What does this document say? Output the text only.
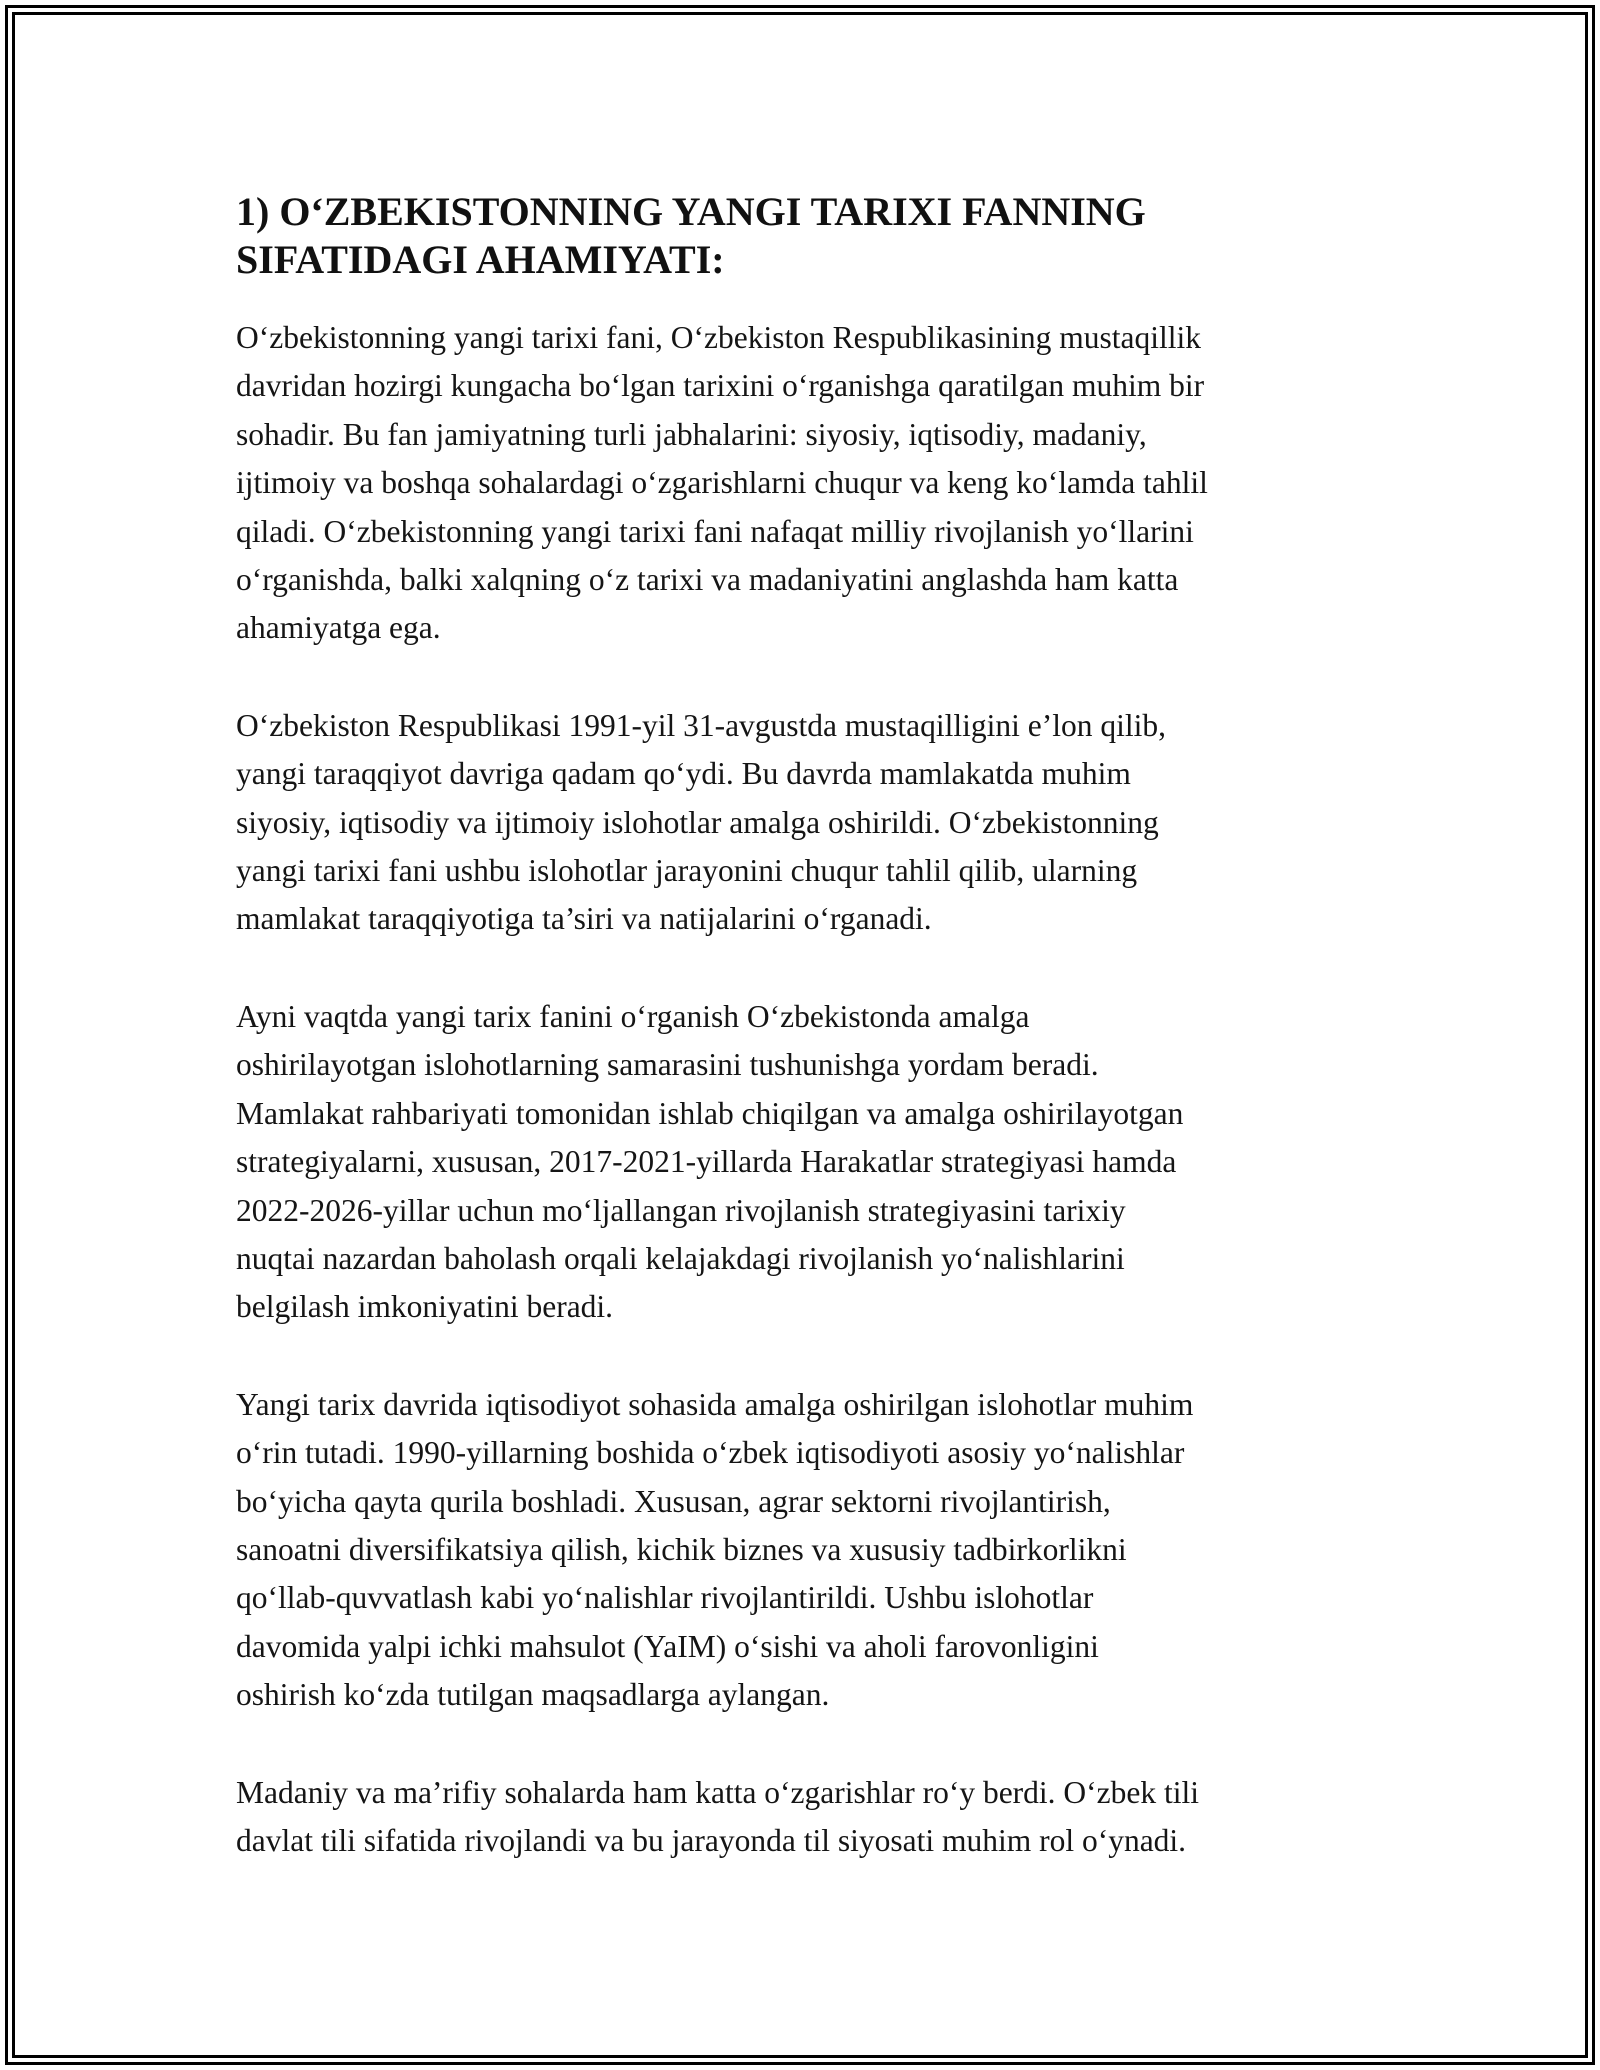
1) O‘ZBEKISTONNING YANGI TARIXI FANNING
SIFATIDAGI AHAMIYATI:

O‘zbekistonning yangi tarixi fani, O‘zbekiston Respublikasining mustaqillik
davridan hozirgi kungacha bo‘lgan tarixini o‘rganishga qaratilgan muhim bir
sohadir. Bu fan jamiyatning turli jabhalarini: siyosiy, iqtisodiy, madaniy,
ijtimoiy va boshqa sohalardagi o‘zgarishlarni chuqur va keng ko‘lamda tahlil
qiladi. O‘zbekistonning yangi tarixi fani nafaqat milliy rivojlanish yo‘llarini
o‘rganishda, balki xalqning o‘z tarixi va madaniyatini anglashda ham katta
ahamiyatga ega.

O‘zbekiston Respublikasi 1991-yil 31-avgustda mustaqilligini e’lon qilib,
yangi taraqqiyot davriga qadam qo‘ydi. Bu davrda mamlakatda muhim
siyosiy, iqtisodiy va ijtimoiy islohotlar amalga oshirildi. O‘zbekistonning
yangi tarixi fani ushbu islohotlar jarayonini chuqur tahlil qilib, ularning
mamlakat taraqqiyotiga ta’siri va natijalarini o‘rganadi.

Ayni vaqtda yangi tarix fanini o‘rganish O‘zbekistonda amalga
oshirilayotgan islohotlarning samarasini tushunishga yordam beradi.
Mamlakat rahbariyati tomonidan ishlab chiqilgan va amalga oshirilayotgan
strategiyalarni, xususan, 2017-2021-yillarda Harakatlar strategiyasi hamda
2022-2026-yillar uchun mo‘ljallangan rivojlanish strategiyasini tarixiy
nuqtai nazardan baholash orqali kelajakdagi rivojlanish yo‘nalishlarini
belgilash imkoniyatini beradi.

Yangi tarix davrida iqtisodiyot sohasida amalga oshirilgan islohotlar muhim
o‘rin tutadi. 1990-yillarning boshida o‘zbek iqtisodiyoti asosiy yo‘nalishlar
bo‘yicha qayta qurila boshladi. Xususan, agrar sektorni rivojlantirish,
sanoatni diversifikatsiya qilish, kichik biznes va xususiy tadbirkorlikni
qo‘llab-quvvatlash kabi yo‘nalishlar rivojlantirildi. Ushbu islohotlar
davomida yalpi ichki mahsulot (YaIM) o‘sishi va aholi farovonligini
oshirish ko‘zda tutilgan maqsadlarga aylangan.

Madaniy va ma’rifiy sohalarda ham katta o‘zgarishlar ro‘y berdi. O‘zbek tili
davlat tili sifatida rivojlandi va bu jarayonda til siyosati muhim rol o‘ynadi.
